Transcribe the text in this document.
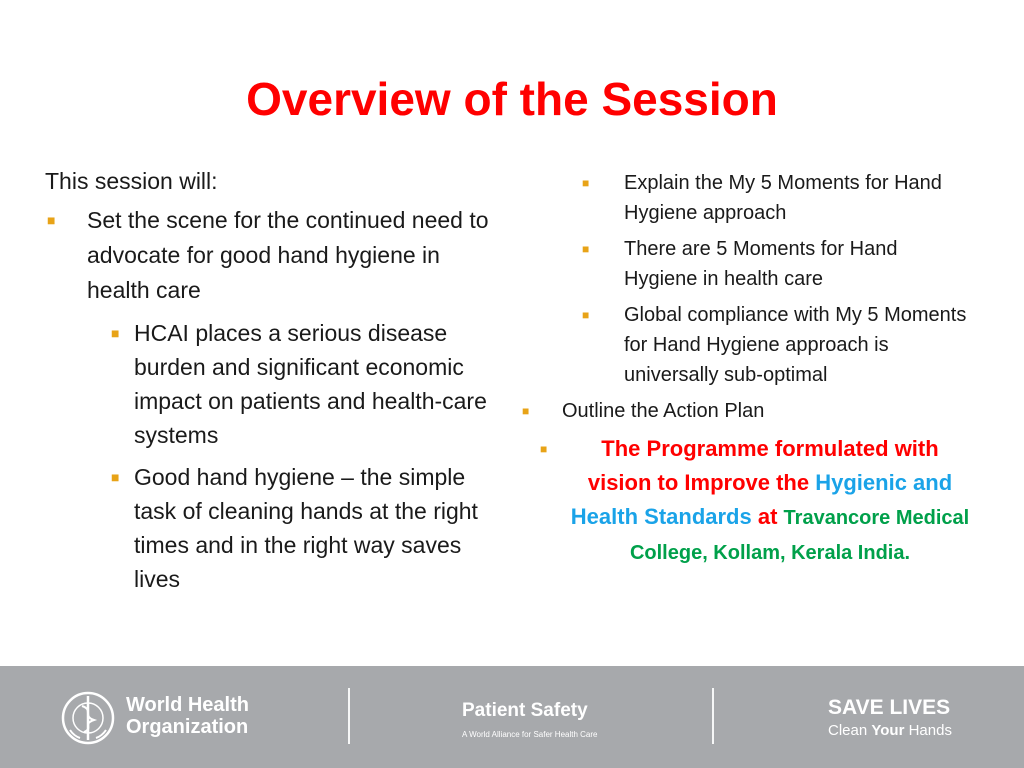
Overview of the Session

This session will:

■ Set the scene for the continued need to advocate for good hand hygiene in health care
■ HCAI places a serious disease burden and significant economic impact on patients and health-care systems
■ Good hand hygiene – the simple task of cleaning hands at the right times and in the right way saves lives
■ Explain the My 5 Moments for Hand Hygiene approach
■ There are 5 Moments for Hand Hygiene in health care
■ Global compliance with My 5 Moments for Hand Hygiene approach is universally sub-optimal
■ Outline the Action Plan
■ The Programme formulated with vision to Improve the Hygienic and Health Standards at Travancore Medical College, Kollam, Kerala India.
World Health
Organization
Patient Safety
A World Alliance for Safer Health Care
SAVE LIVES
Clean Your Hands
